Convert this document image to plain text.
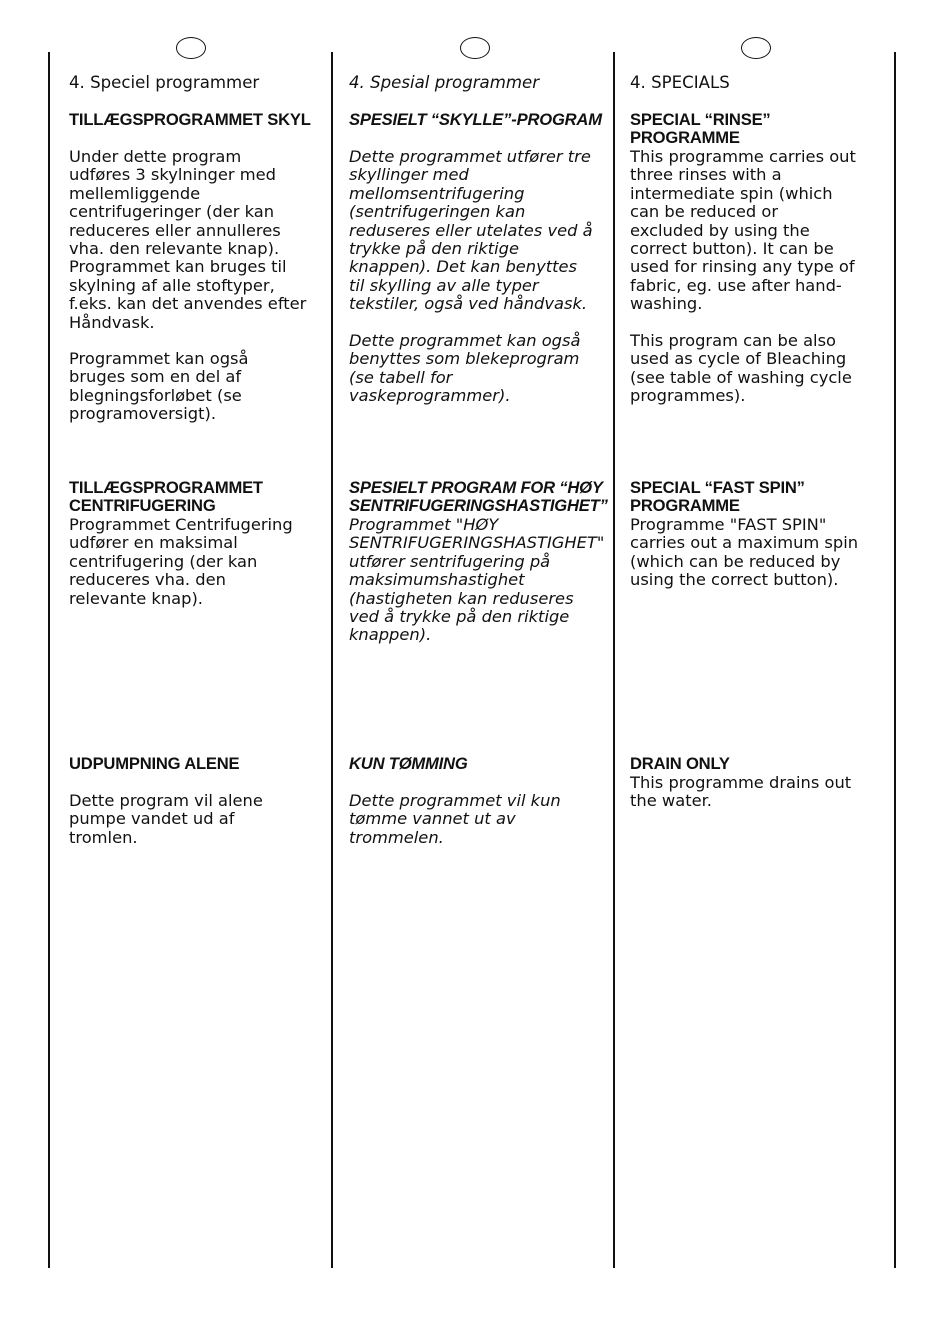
4. Speciel programmer
TILLÆGSPROGRAMMET SKYL
Under dette program
udføres 3 skylninger med
mellemliggende
centrifugeringer (der kan
reduceres eller annulleres
vha. den relevante knap).
Programmet kan bruges til
skylning af alle stoftyper,
f.eks. kan det anvendes efter
Håndvask.
Programmet kan også
bruges som en del af
blegningsforløbet (se
programoversigt).
TILLÆGSPROGRAMMET
CENTRIFUGERING
Programmet Centrifugering
udfører en maksimal
centrifugering (der kan
reduceres vha. den
relevante knap).
UDPUMPNING ALENE
Dette program vil alene
pumpe vandet ud af
tromlen.
4. Spesial programmer
SPESIELT “SKYLLE”-PROGRAM
Dette programmet utfører tre
skyllinger med
mellomsentrifugering
(sentrifugeringen kan
reduseres eller utelates ved å
trykke på den riktige
knappen). Det kan benyttes
til skylling av alle typer
tekstiler, også ved håndvask.
Dette programmet kan også
benyttes som blekeprogram
(se tabell for
vaskeprogrammer).
SPESIELT PROGRAM FOR “HØY
SENTRIFUGERINGSHASTIGHET”
Programmet "HØY
SENTRIFUGERINGSHASTIGHET"
utfører sentrifugering på
maksimumshastighet
(hastigheten kan reduseres
ved å trykke på den riktige
knappen).
KUN TØMMING
Dette programmet vil kun
tømme vannet ut av
trommelen.
4. SPECIALS
SPECIAL “RINSE”
PROGRAMME
This programme carries out
three rinses with a
intermediate spin (which
can be reduced or
excluded by using the
correct button). It can be
used for rinsing any type of
fabric, eg. use after hand-
washing.
This program can be also
used as cycle of Bleaching
(see table of washing cycle
programmes).
SPECIAL “FAST SPIN”
PROGRAMME
Programme "FAST SPIN"
carries out a maximum spin
(which can be reduced by
using the correct button).
DRAIN ONLY
This programme drains out
the water.
